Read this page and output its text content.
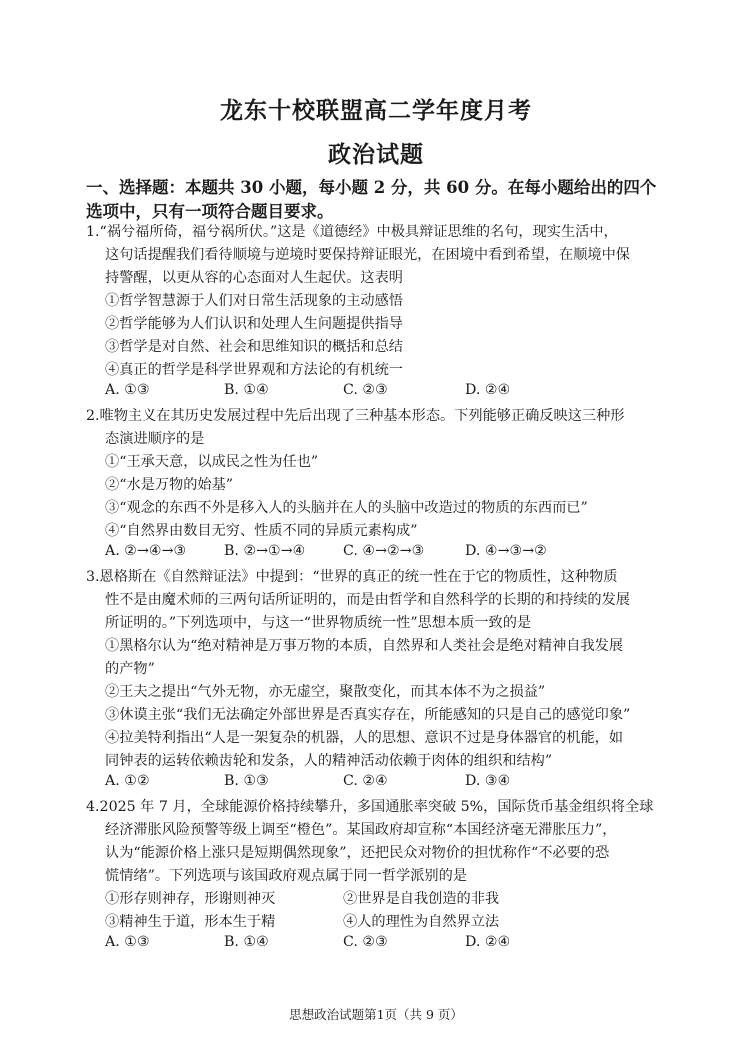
龙东十校联盟高二学年度月考
政治试题
一、选择题：本题共 30 小题，每小题 2 分，共 60 分。在每小题给出的四个
选项中，只有一项符合题目要求。
1.“祸兮福所倚，福兮祸所伏。”这是《道德经》中极具辩证思维的名句，现实生活中，
这句话提醒我们看待顺境与逆境时要保持辩证眼光，在困境中看到希望，在顺境中保
持警醒，以更从容的心态面对人生起伏。这表明
①哲学智慧源于人们对日常生活现象的主动感悟
②哲学能够为人们认识和处理人生问题提供指导
③哲学是对自然、社会和思维知识的概括和总结
④真正的哲学是科学世界观和方法论的有机统一
A. ①③	B. ①④	C. ②③	D. ②④
2.唯物主义在其历史发展过程中先后出现了三种基本形态。下列能够正确反映这三种形
态演进顺序的是
①“王承天意，以成民之性为任也”
②“水是万物的始基”
③“观念的东西不外是移入人的头脑并在人的头脑中改造过的物质的东西而已”
④“自然界由数目无穷、性质不同的异质元素构成”
A. ②→④→③	B. ②→①→④	C. ④→②→③	D. ④→③→②
3.恩格斯在《自然辩证法》中提到：“世界的真正的统一性在于它的物质性，这种物质
性不是由魔术师的三两句话所证明的，而是由哲学和自然科学的长期的和持续的发展
所证明的。”下列选项中，与这一“世界物质统一性”思想本质一致的是
①黑格尔认为“绝对精神是万事万物的本质，自然界和人类社会是绝对精神自我发展
的产物”
②王夫之提出“气外无物，亦无虚空，聚散变化，而其本体不为之损益”
③休谟主张“我们无法确定外部世界是否真实存在，所能感知的只是自己的感觉印象”
④拉美特利指出“人是一架复杂的机器，人的思想、意识不过是身体器官的机能，如
同钟表的运转依赖齿轮和发条，人的精神活动依赖于肉体的组织和结构”
A. ①②	B. ①③	C. ②④	D. ③④
4.2025 年 7 月，全球能源价格持续攀升，多国通胀率突破 5%，国际货币基金组织将全球
经济滞胀风险预警等级上调至“橙色”。某国政府却宣称“本国经济毫无滞胀压力”，
认为“能源价格上涨只是短期偶然现象”，还把民众对物价的担忧称作“不必要的恐
慌情绪”。下列选项与该国政府观点属于同一哲学派别的是
①形存则神存，形谢则神灭	②世界是自我创造的非我
③精神生于道，形本生于精	④人的理性为自然界立法
A. ①③	B. ①④	C. ②③	D. ②④
思想政治试题第1页（共 9 页）
